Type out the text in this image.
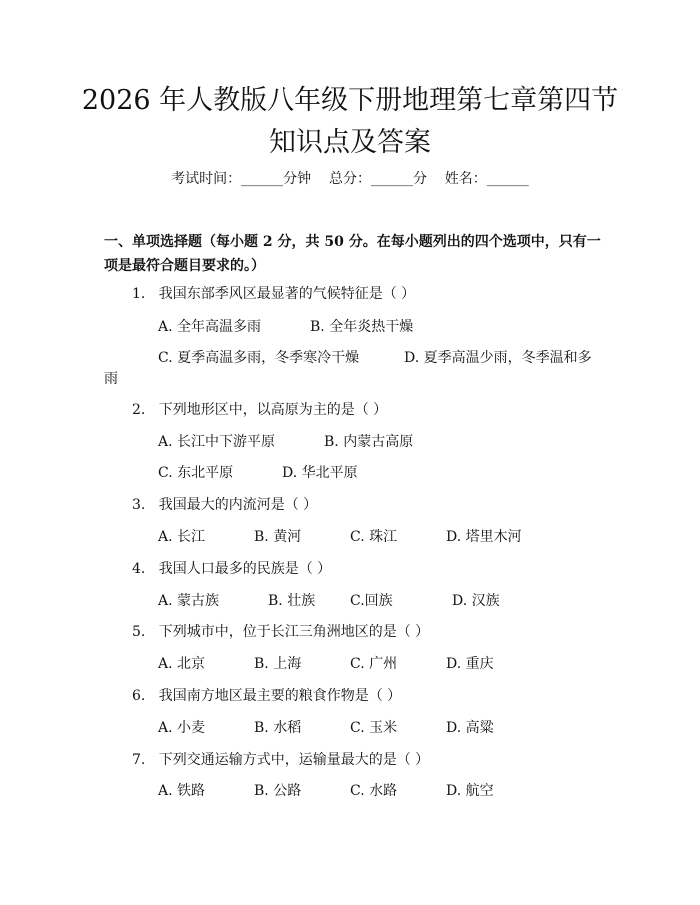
2026 年人教版八年级下册地理第七章第四节
知识点及答案
考试时间：______分钟    总分：______分    姓名：______
一、单项选择题（每小题 2 分，共 50 分。在每小题列出的四个选项中，只有一项是最符合题目要求的。）
1.   我国东部季风区最显著的气候特征是（ ）
A. 全年高温多雨	B. 全年炎热干燥
C. 夏季高温多雨，冬季寒冷干燥	D. 夏季高温少雨，冬季温和多
雨
2.   下列地形区中，以高原为主的是（ ）
A. 长江中下游平原	B. 内蒙古高原
C. 东北平原	D. 华北平原
3.   我国最大的内流河是（ ）
A. 长江	B. 黄河	C. 珠江	D. 塔里木河
4.   我国人口最多的民族是（ ）
A. 蒙古族	B. 壮族 C.回族	D. 汉族
5.   下列城市中，位于长江三角洲地区的是（ ）
A. 北京	B. 上海	C. 广州	D. 重庆
6.   我国南方地区最主要的粮食作物是（ ）
A. 小麦	B. 水稻	C. 玉米	D. 高粱
7.   下列交通运输方式中，运输量最大的是（ ）
A. 铁路	B. 公路	C. 水路	D. 航空
